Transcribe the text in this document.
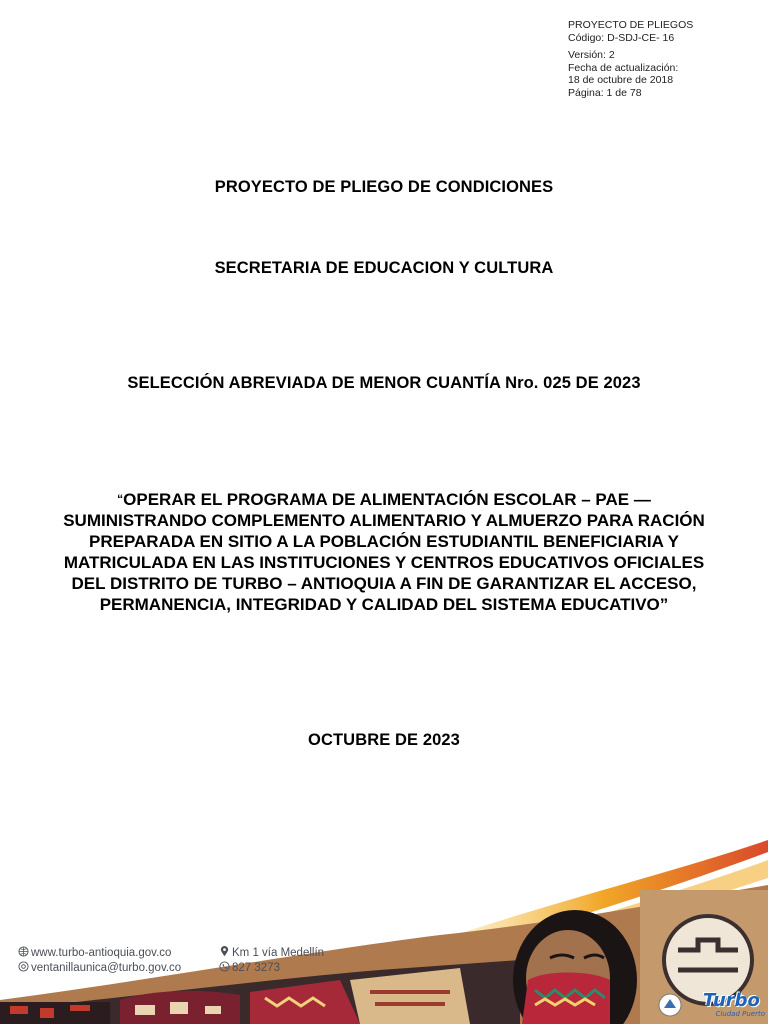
PROYECTO DE PLIEGOS
Código: D-SDJ-CE- 16
Versión: 2
Fecha de actualización:
18 de octubre de 2018
Página: 1 de 78
PROYECTO DE PLIEGO DE CONDICIONES
SECRETARIA DE EDUCACION Y CULTURA
SELECCIÓN ABREVIADA DE MENOR CUANTÍA Nro. 025 DE 2023
“OPERAR EL PROGRAMA DE ALIMENTACIÓN ESCOLAR – PAE —SUMINISTRANDO COMPLEMENTO ALIMENTARIO Y ALMUERZO PARA RACIÓN PREPARADA EN SITIO A LA POBLACIÓN ESTUDIANTIL BENEFICIARIA Y MATRICULADA EN LAS INSTITUCIONES Y CENTROS EDUCATIVOS OFICIALES DEL DISTRITO DE TURBO – ANTIOQUIA A FIN DE GARANTIZAR EL ACCESO, PERMANENCIA, INTEGRIDAD Y CALIDAD DEL SISTEMA EDUCATIVO”
OCTUBRE DE 2023
Turbo
Ciudad Puerto
www.turbo-antioquia.gov.co
ventanillaunica@turbo.gov.co
Km 1 vía Medellín
827 3273
